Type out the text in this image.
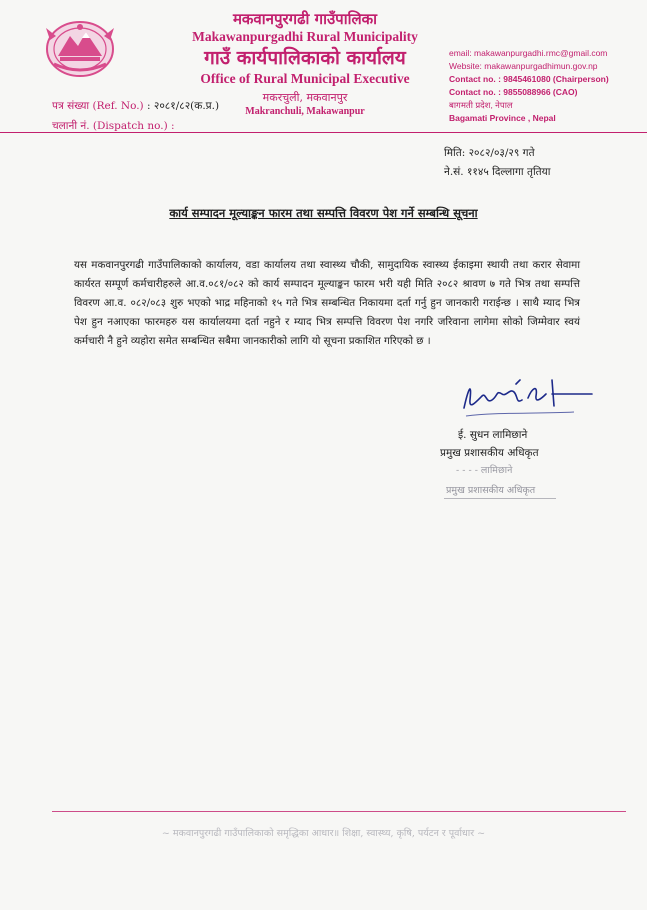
मकवानपुरगढी गाउँपालिका
Makawanpurgadhi Rural Municipality
गाउँ कार्यपालिकाको कार्यालय
Office of Rural Municipal Executive
मकरचुली, मकवानपुर
Makranchuli, Makawanpur
email: makawanpurgadhi.rmc@gmail.com
Website: makawanpurgadhimun.gov.np
Contact no. : 9845461080 (Chairperson)
Contact no. : 9855088966 (CAO)
बागमती प्रदेश, नेपाल
Bagamati Province , Nepal
पत्र संख्या (Ref. No.) : २०८१/८२(क.प्र.)
चलानी नं. (Dispatch no.) :
मिति: २०८२/०३/२९ गते
ने.सं. ११४५ दिल्लागा तृतिया
कार्य सम्पादन मूल्याङ्कन फारम तथा सम्पत्ति विवरण पेश गर्ने सम्बन्धि सूचना
यस मकवानपुरगढी गाउँपालिकाको कार्यालय, वडा कार्यालय तथा स्वास्थ्य चौकी, सामुदायिक स्वास्थ्य ईकाइमा स्थायी तथा करार सेवामा कार्यरत सम्पूर्ण कर्मचारीहरुले आ.व.०८१/०८२ को कार्य सम्पादन मूल्याङ्कन फारम भरी यही मिति २०८२ श्रावण ७ गते भित्र तथा सम्पत्ति विवरण आ.व. ०८२/०८३ शुरु भएको भाद्र महिनाको १५ गते भित्र सम्बन्धित निकायमा दर्ता गर्नु हुन जानकारी गराईन्छ । साथै म्याद भित्र पेश हुन नआएका फारमहरु यस कार्यालयमा दर्ता नहुने र म्याद भित्र सम्पत्ति विवरण पेश नगरि जरिवाना लागेमा सोको जिम्मेवार स्वयं कर्मचारी नै हुने व्यहोरा समेत सम्बन्धित सबैमा जानकारीको लागि यो सूचना प्रकाशित गरिएको छ ।
ई. सुधन लामिछाने
प्रमुख प्रशासकीय अधिकृत
- - - - लामिछाने
प्रमुख प्रशासकीय अधिकृत
~ मकवानपुरगढी गाउँपालिकाको समृद्धिका आधार॥ शिक्षा, स्वास्थ्य, कृषि, पर्यटन र पूर्वाधार ~
